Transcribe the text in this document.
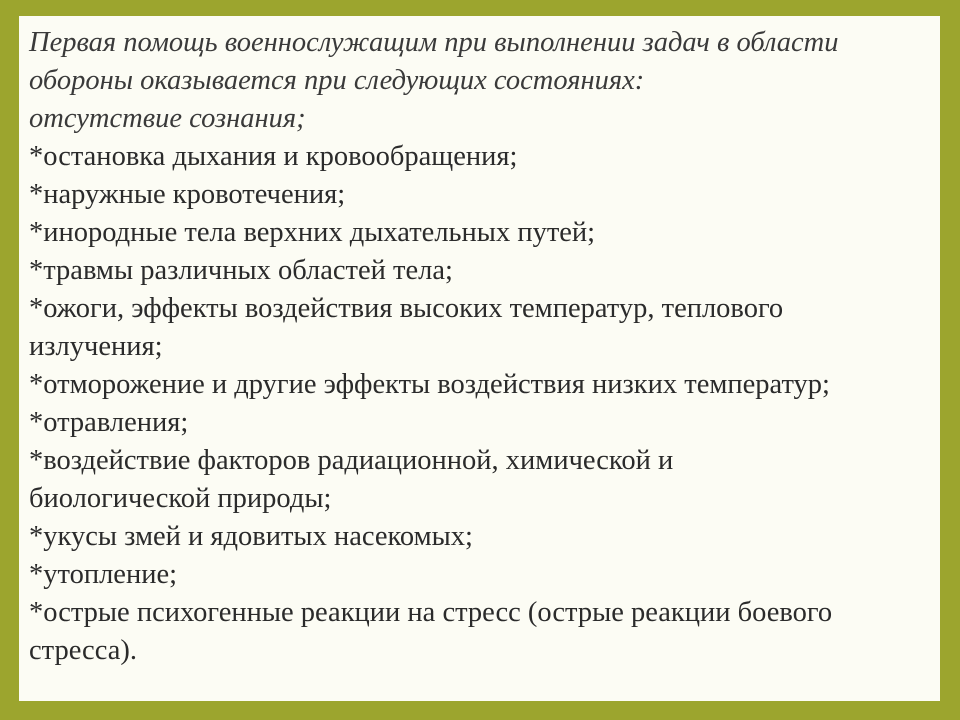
Первая помощь военнослужащим при выполнении задач в области
обороны оказывается при следующих состояниях:
отсутствие сознания;
*остановка дыхания и кровообращения;
*наружные кровотечения;
*инородные тела верхних дыхательных путей;
*травмы различных областей тела;
*ожоги, эффекты воздействия высоких температур, теплового
излучения;
*отморожение и другие эффекты воздействия низких температур;
*отравления;
*воздействие факторов радиационной, химической и
биологической природы;
*укусы змей и ядовитых насекомых;
*утопление;
*острые психогенные реакции на стресс (острые реакции боевого
стресса).
